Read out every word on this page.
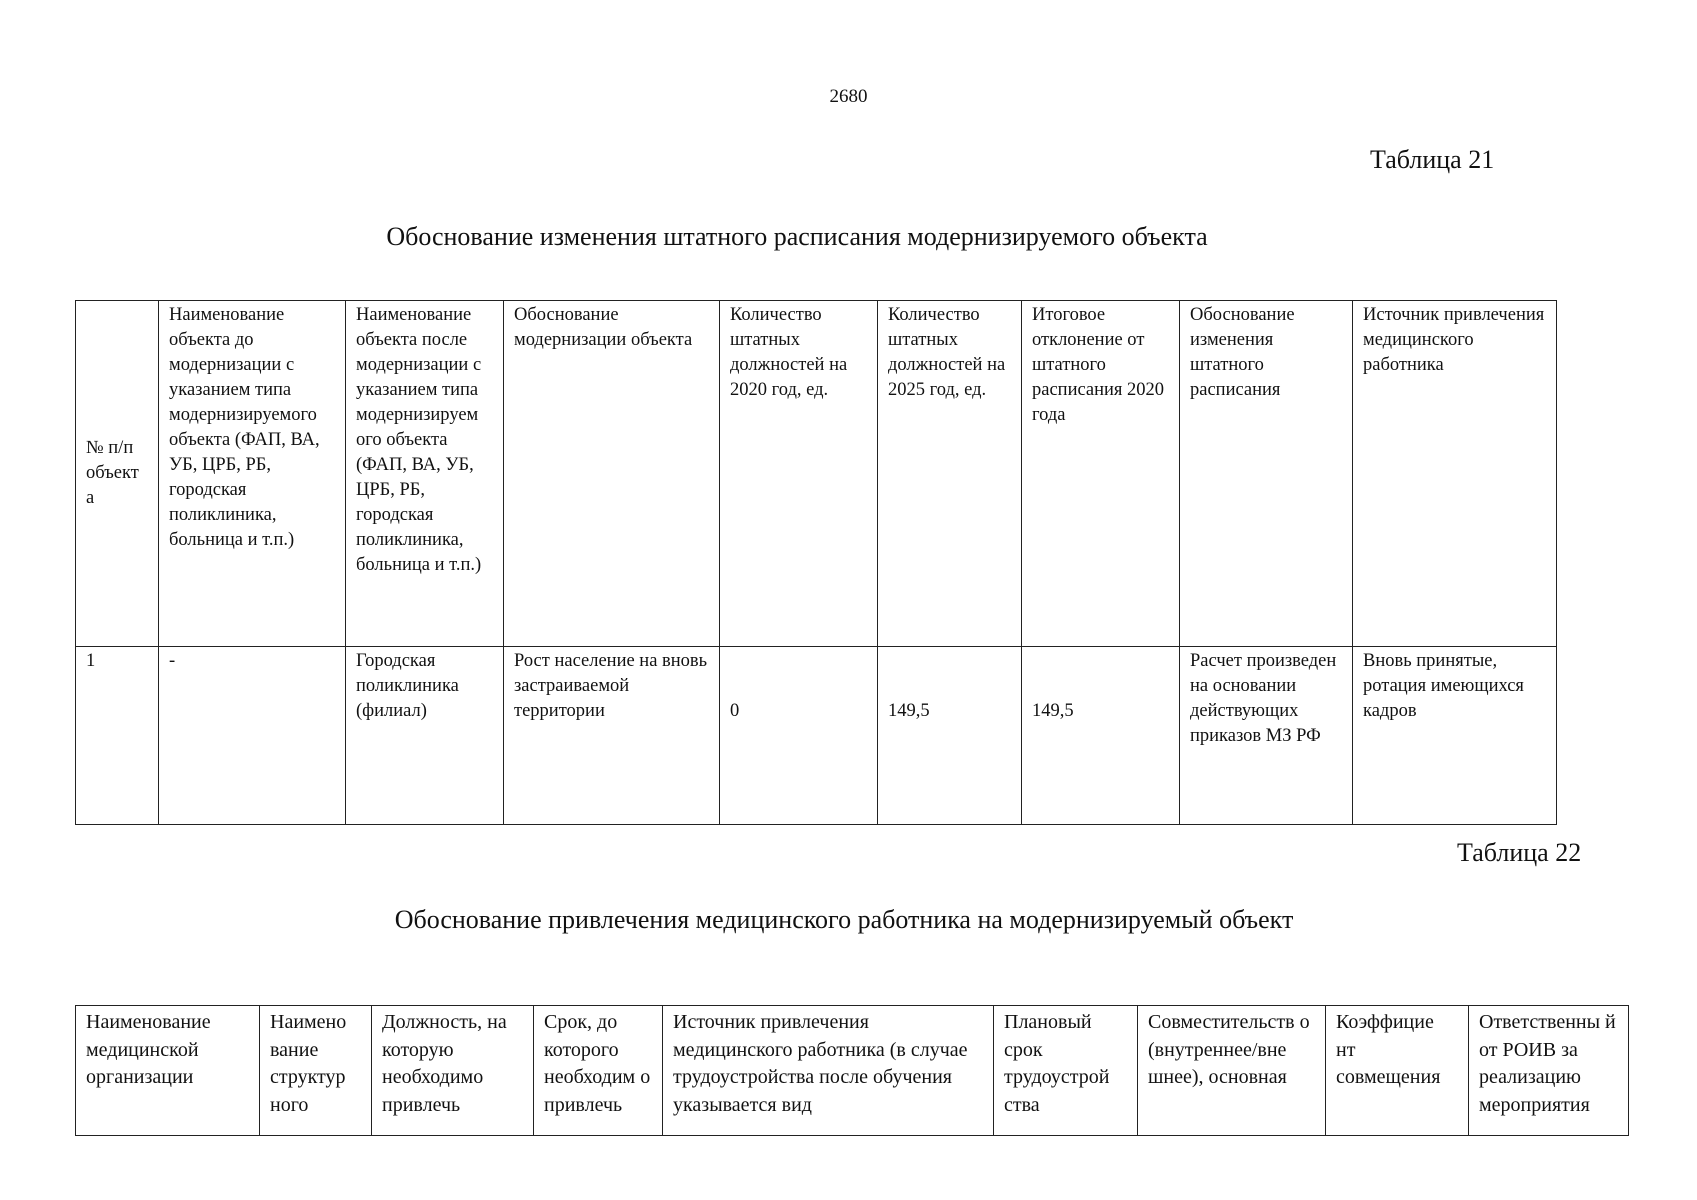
2680
Таблица 21
Обоснование изменения штатного расписания модернизируемого объекта
№ п/п объект а	Наименование объекта до модернизации с указанием типа модернизируемого объекта (ФАП, ВА, УБ, ЦРБ, РБ, городская поликлиника, больница и т.п.)	Наименование объекта после модернизации с указанием типа модернизируем ого объекта (ФАП, ВА, УБ, ЦРБ, РБ, городская поликлиника, больница и т.п.)	Обоснование модернизации объекта	Количество штатных должностей на 2020 год, ед.	Количество штатных должностей на 2025 год, ед.	Итоговое отклонение от штатного расписания 2020 года	Обоснование изменения штатного расписания	Источник привлечения медицинского работника
1	-	Городская поликлиника (филиал)	Рост население на вновь застраиваемой территории	0	149,5	149,5	Расчет произведен на основании действующих приказов МЗ РФ	Вновь принятые, ротация имеющихся кадров
Таблица 22
Обоснование привлечения медицинского работника на модернизируемый объект
Наименование медицинской организации	Наимено вание структур ного	Должность, на которую необходимо привлечь	Срок, до которого необходим о привлечь	Источник привлечения медицинского работника (в случае трудоустройства после обучения указывается вид	Плановый срок трудоустрой ства	Совместительств о (внутреннее/вне шнее), основная	Коэффицие нт совмещения	Ответственны й от РОИВ за реализацию мероприятия
